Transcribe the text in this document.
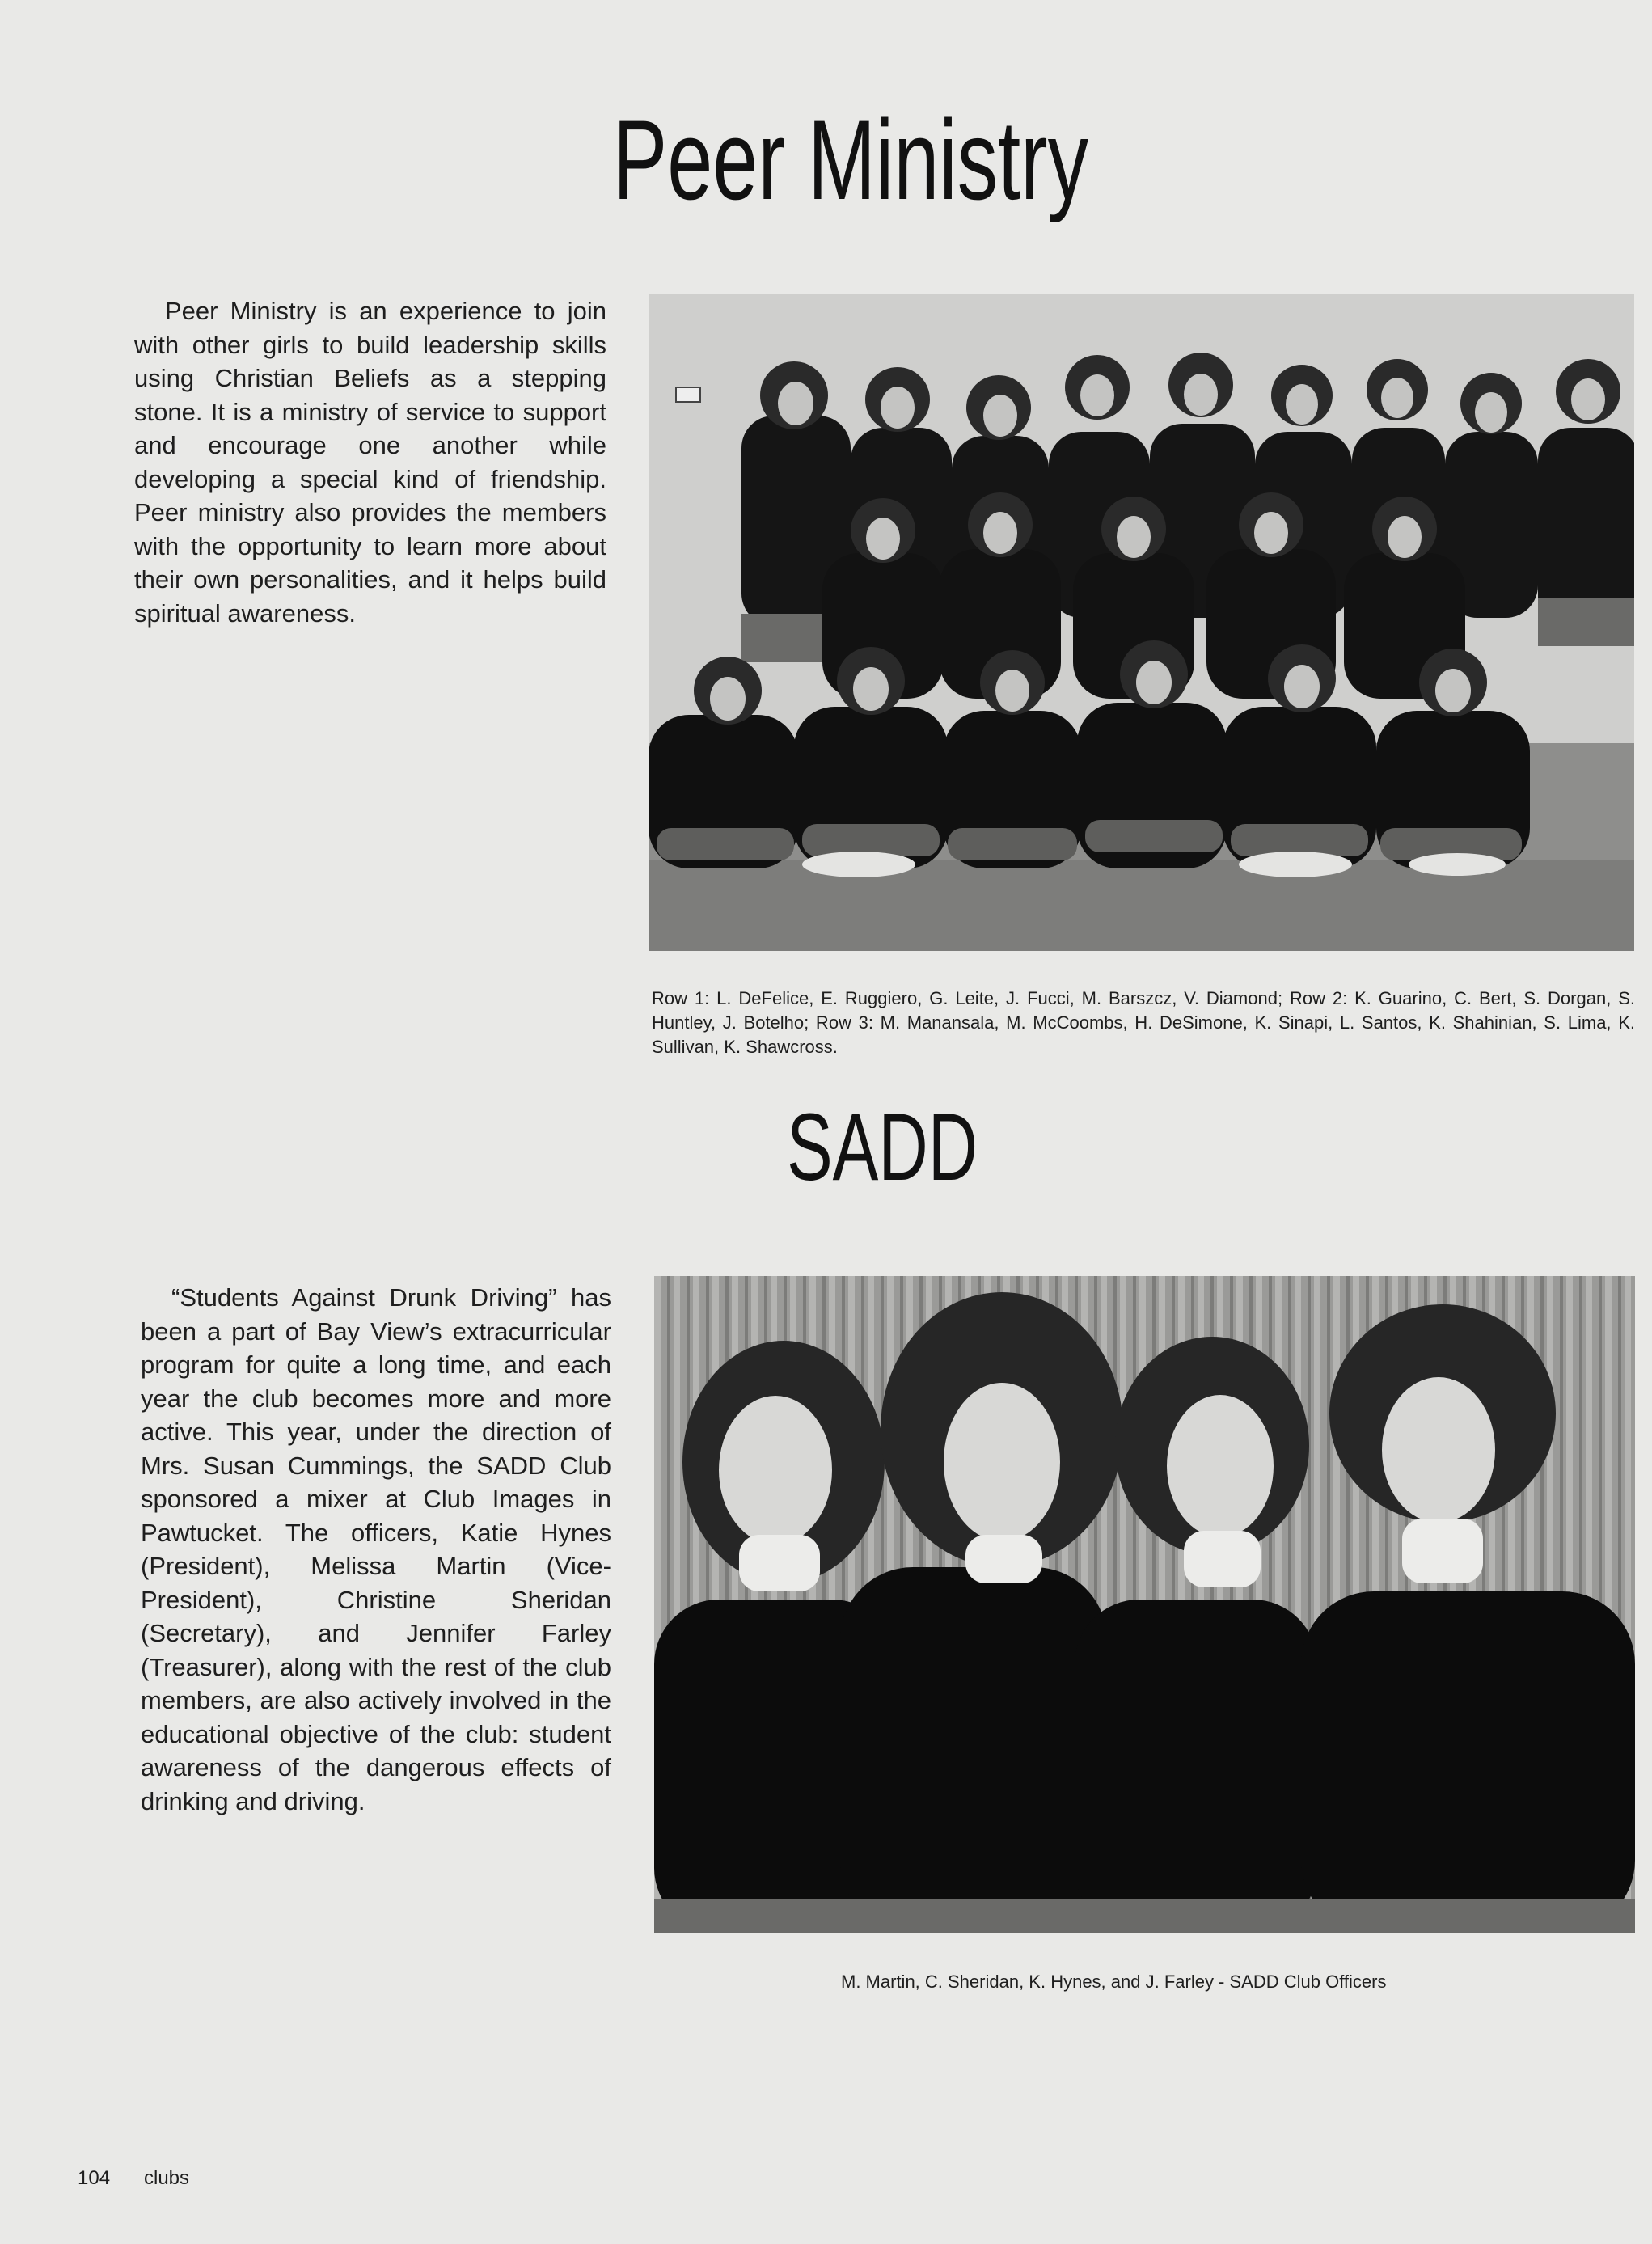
Peer Ministry

Peer Ministry is an experience to join with other girls to build leadership skills using Christian Beliefs as a stepping stone. It is a ministry of service to support and encourage one another while developing a special kind of friendship. Peer ministry also provides the members with the opportunity to learn more about their own personalities, and it helps build spiritual awareness.

Row 1: L. DeFelice, E. Ruggiero, G. Leite, J. Fucci, M. Barszcz, V. Diamond; Row 2: K. Guarino, C. Bert, S. Dorgan, S. Huntley, J. Botelho; Row 3: M. Manansala, M. McCoombs, H. DeSimone, K. Sinapi, L. Santos, K. Shahinian, S. Lima, K. Sullivan, K. Shawcross.

SADD

“Students Against Drunk Driving” has been a part of Bay View’s extracurricular program for quite a long time, and each year the club becomes more and more active. This year, under the direction of Mrs. Susan Cummings, the SADD Club sponsored a mixer at Club Images in Pawtucket. The officers, Katie Hynes (President), Melissa Martin (Vice-President), Christine Sheridan (Secretary), and Jennifer Farley (Treasurer), along with the rest of the club members, are also actively involved in the educational objective of the club: student awareness of the dangerous effects of drinking and driving.

M. Martin, C. Sheridan, K. Hynes, and J. Farley - SADD Club Officers

104 clubs
